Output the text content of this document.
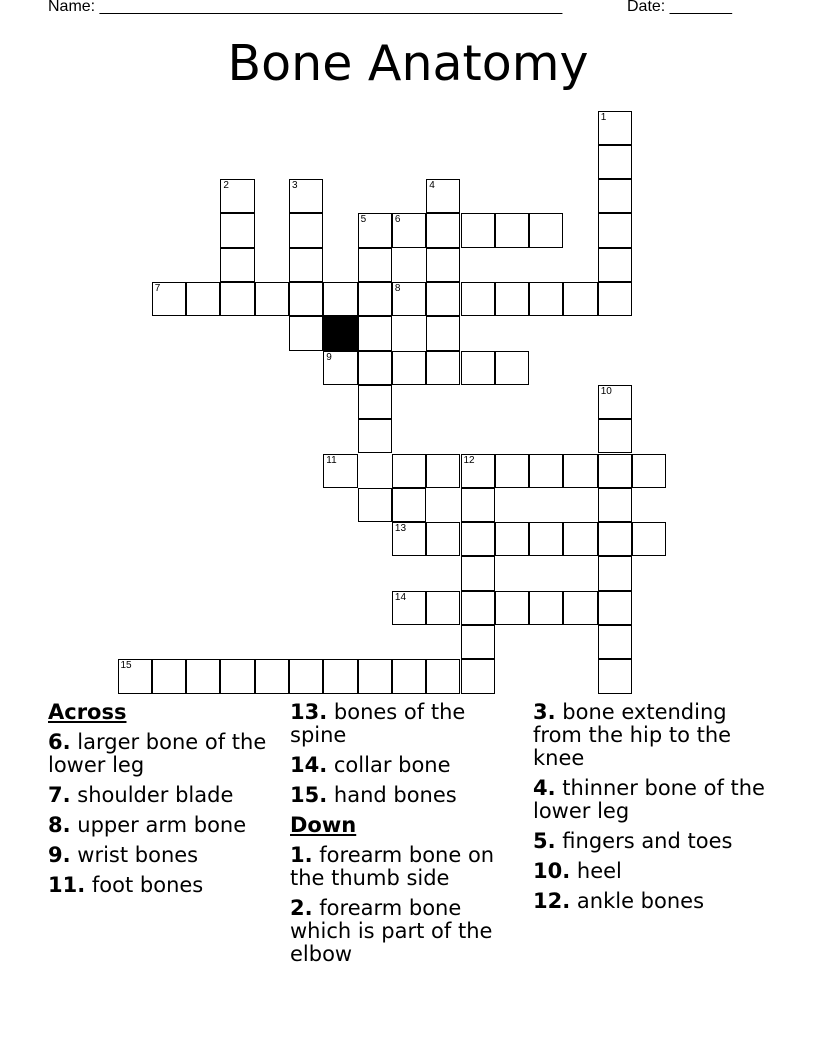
Name: ____________________________________________________	Date: _______
Bone Anatomy
1
2	3	4
5	6
7	8
9
10
11	12
13
14
15
Across
6. larger bone of the lower leg
7. shoulder blade
8. upper arm bone
9. wrist bones
11. foot bones
13. bones of the spine
14. collar bone
15. hand bones
Down
1. forearm bone on the thumb side
2. forearm bone which is part of the elbow
3. bone extending from the hip to the knee
4. thinner bone of the lower leg
5. fingers and toes
10. heel
12. ankle bones
